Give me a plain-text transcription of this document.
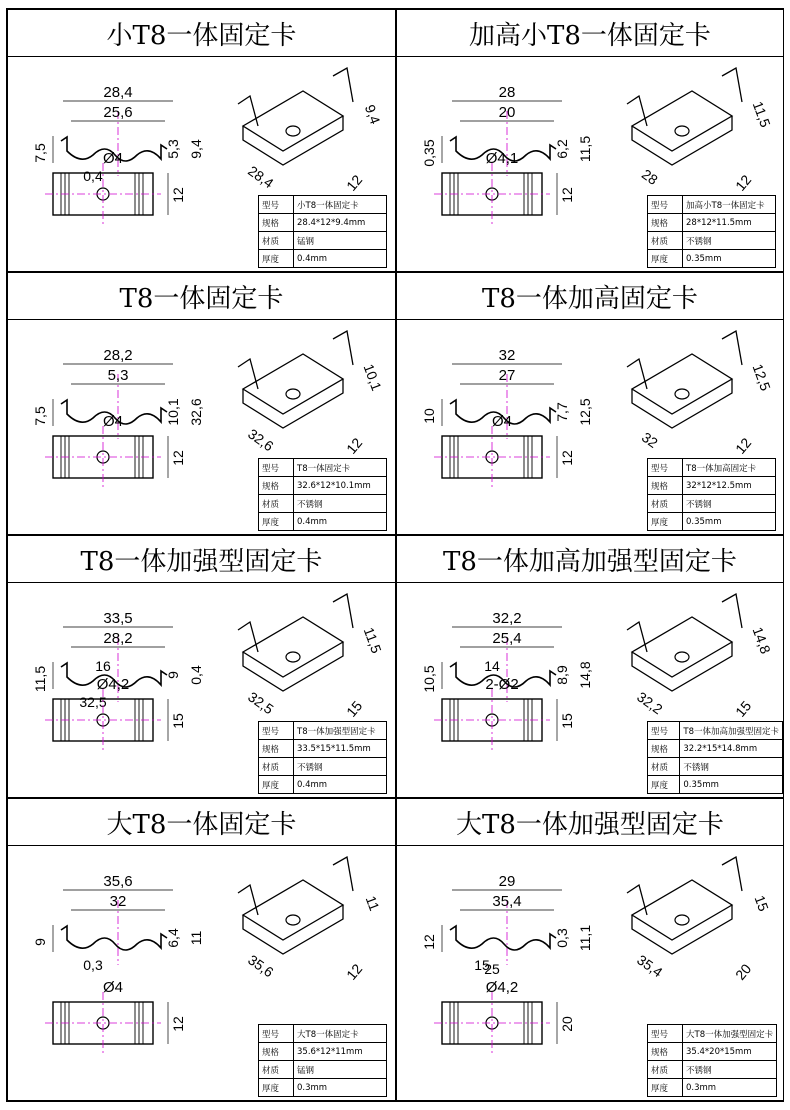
小T8一体固定卡
28,4
25,6
7,5	5,3 9,4
0,4	28,4	12
9,4
Ø4
12
型号	小T8一体固定卡
规格	28.4*12*9.4mm
材质	锰钢
厚度	0.4mm
加高小T8一体固定卡
28
20
0,35	6,2 11,5
28	12
11,5
Ø4,1
12
型号	加高小T8一体固定卡
规格	28*12*11.5mm
材质	不锈钢
厚度	0.35mm
T8一体固定卡
28,2
5,3
7,5	10,1 32,6
32,6	12
10,1
Ø4
12
型号	T8一体固定卡
规格	32.6*12*10.1mm
材质	不锈钢
厚度	0.4mm
T8一体加高固定卡
32
27
10	7,7 12,5
32	12
12,5
Ø4
12
型号	T8一体加高固定卡
规格	32*12*12.5mm
材质	不锈钢
厚度	0.35mm
T8一体加强型固定卡
33,5
28,2
11,5	9 0,4
32,5	32,5	15
11,5
Ø4,2
15
16
型号	T8一体加强型固定卡
规格	33.5*15*11.5mm
材质	不锈钢
厚度	0.4mm
T8一体加高加强型固定卡
32,2
25,4
10,5	8,9 14,8
32,2	15
14,8
2-Ø2
15
14
型号	T8一体加高加强型固定卡
规格	32.2*15*14.8mm
材质	不锈钢
厚度	0.35mm
大T8一体固定卡
35,6
32
9	6,4 11
0,3	35,6	12
11
Ø4
12
型号	大T8一体固定卡
规格	35.6*12*11mm
材质	锰钢
厚度	0.3mm
大T8一体加强型固定卡
29
35,4
12	0,3 11,1
15	35,4	20
15
Ø4,2
20
25
型号	大T8一体加强型固定卡
规格	35.4*20*15mm
材质	不锈钢
厚度	0.3mm
